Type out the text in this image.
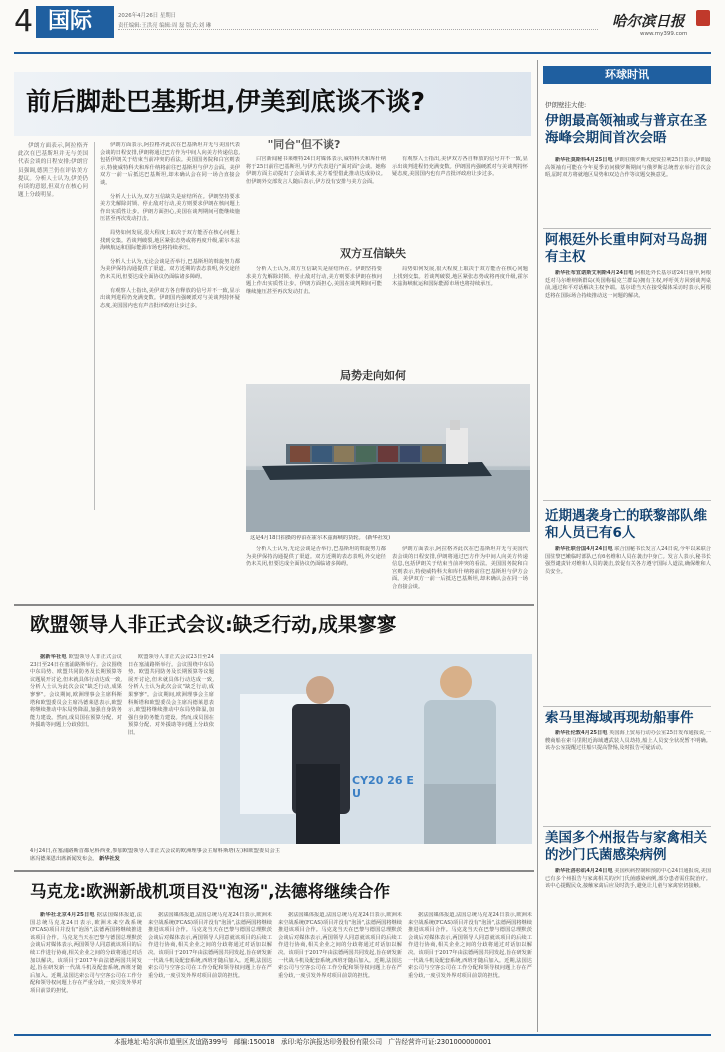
4 国际	2026年4月26日 星期日
责任编辑:王洪亮 编辑:周 磊 版式:刘 琳	哈尔滨日报
www.my399.com
前后脚赴巴基斯坦,伊美到底谈不谈?

伊朗方面表示,阿拉格齐此次在巴基斯坦并无与美国代表会谈的日程安排;伊朗官员强调,德黑兰仍在评估美方提议。分析人士认为,伊美仍有谈的意愿,但双方在核心问题上分歧明显。

伊朗方面表示,阿拉格齐此次在巴基斯坦并无与美国代表会谈的日程安排,伊朗将通过巴方作为中间人向美方传递信息,包括伊朗关于结束当前冲突的看法。美国国务院和白宫则表示,特使威特科夫和库什纳将前往巴基斯坦与伊方会面。美伊双方一前一后抵达巴基斯坦,却未确认会在同一场合直接会谈。

分析人士认为,双方互信缺失是症结所在。伊朗坚持要求美方先解除封锁、停止敌对行动,美方则要求伊朗在核问题上作出实质性让步。伊朗方面担心,美国在谈判期间可能继续施压甚至再次发动打击。

局势如何发展,很大程度上取决于双方能否在核心问题上找到交集。若谈判破裂,地区紧张态势或将再度升级,霍尔木兹海峡航运和国际能源市场也将持续承压。

分析人士认为,无论会谈是否举行,巴基斯坦的斡旋努力都为美伊保持沟通提供了渠道。双方近期的表态表明,外交途径仍未关闭,但要达成全面协议仍面临诸多障碍。

有观察人士指出,美伊双方各自释放的信号并不一致,显示出谈判进程仍充满变数。伊朗国内强硬派对与美谈判持怀疑态度,美国国内也有声音批评政府让步过多。

"同台"但不谈?

白宫新闻秘书莱维特24日对媒体表示,威特科夫和库什纳将于25日前往巴基斯坦,与伊方代表进行"面对面"会谈。她称伊朗方面主动提出了会面请求,美方希望借此推动达成协议。但伊朗外交部发言人随后表示,伊方没有安排与美方会面。

有观察人士指出,美伊双方各自释放的信号并不一致,显示出谈判进程仍充满变数。伊朗国内强硬派对与美谈判持怀疑态度,美国国内也有声音批评政府让步过多。

双方互信缺失

分析人士认为,双方互信缺失是症结所在。伊朗坚持要求美方先解除封锁、停止敌对行动,美方则要求伊朗在核问题上作出实质性让步。伊朗方面担心,美国在谈判期间可能继续施压甚至再次发动打击。

局势如何发展,很大程度上取决于双方能否在核心问题上找到交集。若谈判破裂,地区紧张态势或将再度升级,霍尔木兹海峡航运和国际能源市场也将持续承压。

局势走向如何
这是4月18日拍摄的停泊在霍尔木兹海峡的货轮。 (新华社发)

分析人士认为,无论会谈是否举行,巴基斯坦的斡旋努力都为美伊保持沟通提供了渠道。双方近期的表态表明,外交途径仍未关闭,但要达成全面协议仍面临诸多障碍。

伊朗方面表示,阿拉格齐此次在巴基斯坦并无与美国代表会谈的日程安排,伊朗将通过巴方作为中间人向美方传递信息,包括伊朗关于结束当前冲突的看法。美国国务院和白宫则表示,特使威特科夫和库什纳将前往巴基斯坦与伊方会面。美伊双方一前一后抵达巴基斯坦,却未确认会在同一场合直接会谈。

欧盟领导人非正式会议:缺乏行动,成果寥寥

据新华社电 欧盟领导人非正式会议23日至24日在塞浦路斯举行。会议围绕中东局势、欧盟共同防务及长期预算等议题展开讨论,但未就具体行动达成一致,分析人士认为此次会议"缺乏行动,成果寥寥"。会议期间,欧洲理事会主席科斯塔和欧盟委员会主席冯德莱恩表示,欧盟将继续推动中东局势降温,加强自身防务能力建设。然而,成员国在预算分配、对外援助等问题上分歧依旧。

欧盟领导人非正式会议23日至24日在塞浦路斯举行。会议围绕中东局势、欧盟共同防务及长期预算等议题展开讨论,但未就具体行动达成一致,分析人士认为此次会议"缺乏行动,成果寥寥"。会议期间,欧洲理事会主席科斯塔和欧盟委员会主席冯德莱恩表示,欧盟将继续推动中东局势降温,加强自身防务能力建设。然而,成员国在预算分配、对外援助等问题上分歧依旧。

CY20 26 EU
4月24日,在塞浦路斯首都尼科西亚,参加欧盟领导人非正式会议的欧洲理事会主席科斯塔(左)和欧盟委员会主席冯德莱恩出席新闻发布会。 新华社发
马克龙:欧洲新战机项目没"泡汤",法德将继续合作

新华社北京4月25日电 据法国媒体报道,法国总统马克龙24日表示,欧洲未来空战系统(FCAS)项目并没有"泡汤",法德两国将继续推进该项目合作。马克龙当天在巴黎与德国总理默茨会谈后对媒体表示,两国领导人同意就该项目的后续工作进行协商,相关企业之间的分歧将通过对话加以解决。该项目于2017年由法德两国共同发起,旨在研发新一代战斗机及配套系统,西班牙随后加入。近期,法国达索公司与空客公司在工作分配和领导权问题上存在严重分歧,一度引发外界对项目前景的担忧。

据法国媒体报道,法国总统马克龙24日表示,欧洲未来空战系统(FCAS)项目并没有"泡汤",法德两国将继续推进该项目合作。马克龙当天在巴黎与德国总理默茨会谈后对媒体表示,两国领导人同意就该项目的后续工作进行协商,相关企业之间的分歧将通过对话加以解决。该项目于2017年由法德两国共同发起,旨在研发新一代战斗机及配套系统,西班牙随后加入。近期,法国达索公司与空客公司在工作分配和领导权问题上存在严重分歧,一度引发外界对项目前景的担忧。

据法国媒体报道,法国总统马克龙24日表示,欧洲未来空战系统(FCAS)项目并没有"泡汤",法德两国将继续推进该项目合作。马克龙当天在巴黎与德国总理默茨会谈后对媒体表示,两国领导人同意就该项目的后续工作进行协商,相关企业之间的分歧将通过对话加以解决。该项目于2017年由法德两国共同发起,旨在研发新一代战斗机及配套系统,西班牙随后加入。近期,法国达索公司与空客公司在工作分配和领导权问题上存在严重分歧,一度引发外界对项目前景的担忧。

据法国媒体报道,法国总统马克龙24日表示,欧洲未来空战系统(FCAS)项目并没有"泡汤",法德两国将继续推进该项目合作。马克龙当天在巴黎与德国总理默茨会谈后对媒体表示,两国领导人同意就该项目的后续工作进行协商,相关企业之间的分歧将通过对话加以解决。该项目于2017年由法德两国共同发起,旨在研发新一代战斗机及配套系统,西班牙随后加入。近期,法国达索公司与空客公司在工作分配和领导权问题上存在严重分歧,一度引发外界对项目前景的担忧。

环球时讯
伊朗壁挂大使:
伊朗最高领袖或与普京在圣海峰会期间首次会晤

新华社莫斯科4月25日电 伊朗驻俄罗斯大使贾拉利25日表示,伊朗最高领袖有可能在今年夏季访问俄罗斯期间与俄罗斯总统普京举行首次会晤,届时双方将就地区局势和双边合作等议题交换意见。

阿根廷外长重申阿对马岛拥有主权

新华社布宜诺斯艾利斯4月24日电 阿根廷外长基尔诺24日重申,阿根廷对马尔维纳斯群岛(英国称福克兰群岛)拥有主权,呼吁英方回到谈判桌前,通过和平对话解决主权争端。基尔诺当天在接受媒体采访时表示,阿根廷将在国际场合持续推动这一问题的解决。

近期遇袭身亡的联黎部队维和人员已有6人

新华社联合国4月24日电 联合国秘书长发言人24日说,今年以来联合国驻黎巴嫩临时部队已有6名维和人员在袭击中身亡。发言人表示,秘书长强烈谴责针对维和人员的袭击,敦促有关各方遵守国际人道法,确保维和人员安全。

索马里海域再现劫船事件

新华社伦敦4月25日电 英国海上贸易行动办公室25日发布通报说,一艘商船在索马里附近海域遭武装人员劫持,船上人员安全状况暂不明确。该办公室提醒过往船只提高警惕,及时报告可疑活动。

美国多个州报告与家禽相关的沙门氏菌感染病例

新华社洛杉矶4月24日电 美国疾病控制和预防中心24日通报说,美国已有多个州报告与家禽相关的沙门氏菌感染病例,部分患者需住院治疗。该中心提醒民众,接触家禽后应及时洗手,避免让儿童与家禽密切接触。

本报地址:哈尔滨市道里区友谊路399号 邮编:150018 承印:哈尔滨报达印务股份有限公司 广告经营许可证:2301000000001
